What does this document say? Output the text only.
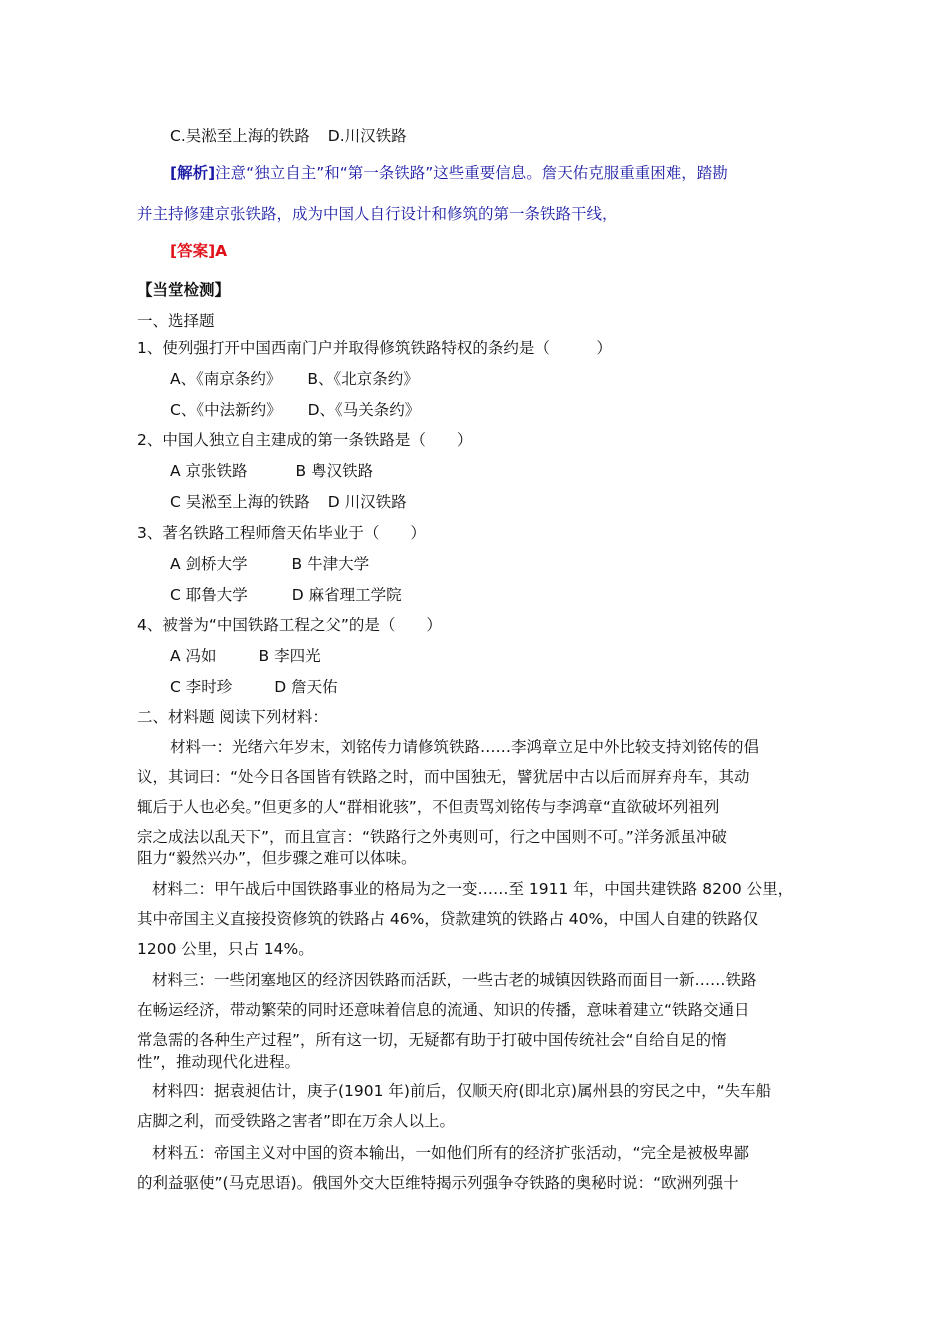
C.吴淞至上海的铁路 D.川汉铁路
[解析]注意“独立自主”和“第一条铁路”这些重要信息。詹天佑克服重重困难，踏勘
并主持修建京张铁路，成为中国人自行设计和修筑的第一条铁路干线，
[答案]A
【当堂检测】
一、选择题
1、使列强打开中国西南门户并取得修筑铁路特权的条约是（　　　）
A、《南京条约》 B、《北京条约》
C、《中法新约》 D、《马关条约》
2、中国人独立自主建成的第一条铁路是（　　）
A 京张铁路	B 粤汉铁路
C 吴淞至上海的铁路 D 川汉铁路
3、著名铁路工程师詹天佑毕业于（　　）
A 剑桥大学	B 牛津大学
C 耶鲁大学	D 麻省理工学院
4、被誉为“中国铁路工程之父”的是（　　）
A 冯如	B 李四光
C 李时珍	D 詹天佑
二、材料题 阅读下列材料：
材料一：光绪六年岁末，刘铭传力请修筑铁路……李鸿章立足中外比较支持刘铭传的倡
议，其词曰：“处今日各国皆有铁路之时，而中国独无，譬犹居中古以后而屏弃舟车，其动
辄后于人也必矣。”但更多的人“群相讹骇”，不但责骂刘铭传与李鸿章“直欲破坏列祖列
宗之成法以乱天下”，而且宣言：“铁路行之外夷则可，行之中国则不可。”洋务派虽冲破
阻力“毅然兴办”，但步骤之难可以体味。
材料二：甲午战后中国铁路事业的格局为之一变……至 1911 年，中国共建铁路 8200 公里，
其中帝国主义直接投资修筑的铁路占 46%，贷款建筑的铁路占 40%，中国人自建的铁路仅
1200 公里，只占 14%。
材料三：一些闭塞地区的经济因铁路而活跃，一些古老的城镇因铁路而面目一新……铁路
在畅运经济，带动繁荣的同时还意味着信息的流通、知识的传播，意味着建立“铁路交通日
常急需的各种生产过程”，所有这一切，无疑都有助于打破中国传统社会“自给自足的惰
性”，推动现代化进程。
材料四：据袁昶估计，庚子(1901 年)前后，仅顺天府(即北京)属州县的穷民之中，“失车船
店脚之利，而受铁路之害者”即在万余人以上。
材料五：帝国主义对中国的资本输出，一如他们所有的经济扩张活动，“完全是被极卑鄙
的利益驱使”(马克思语)。俄国外交大臣维特揭示列强争夺铁路的奥秘时说：“欧洲列强十
